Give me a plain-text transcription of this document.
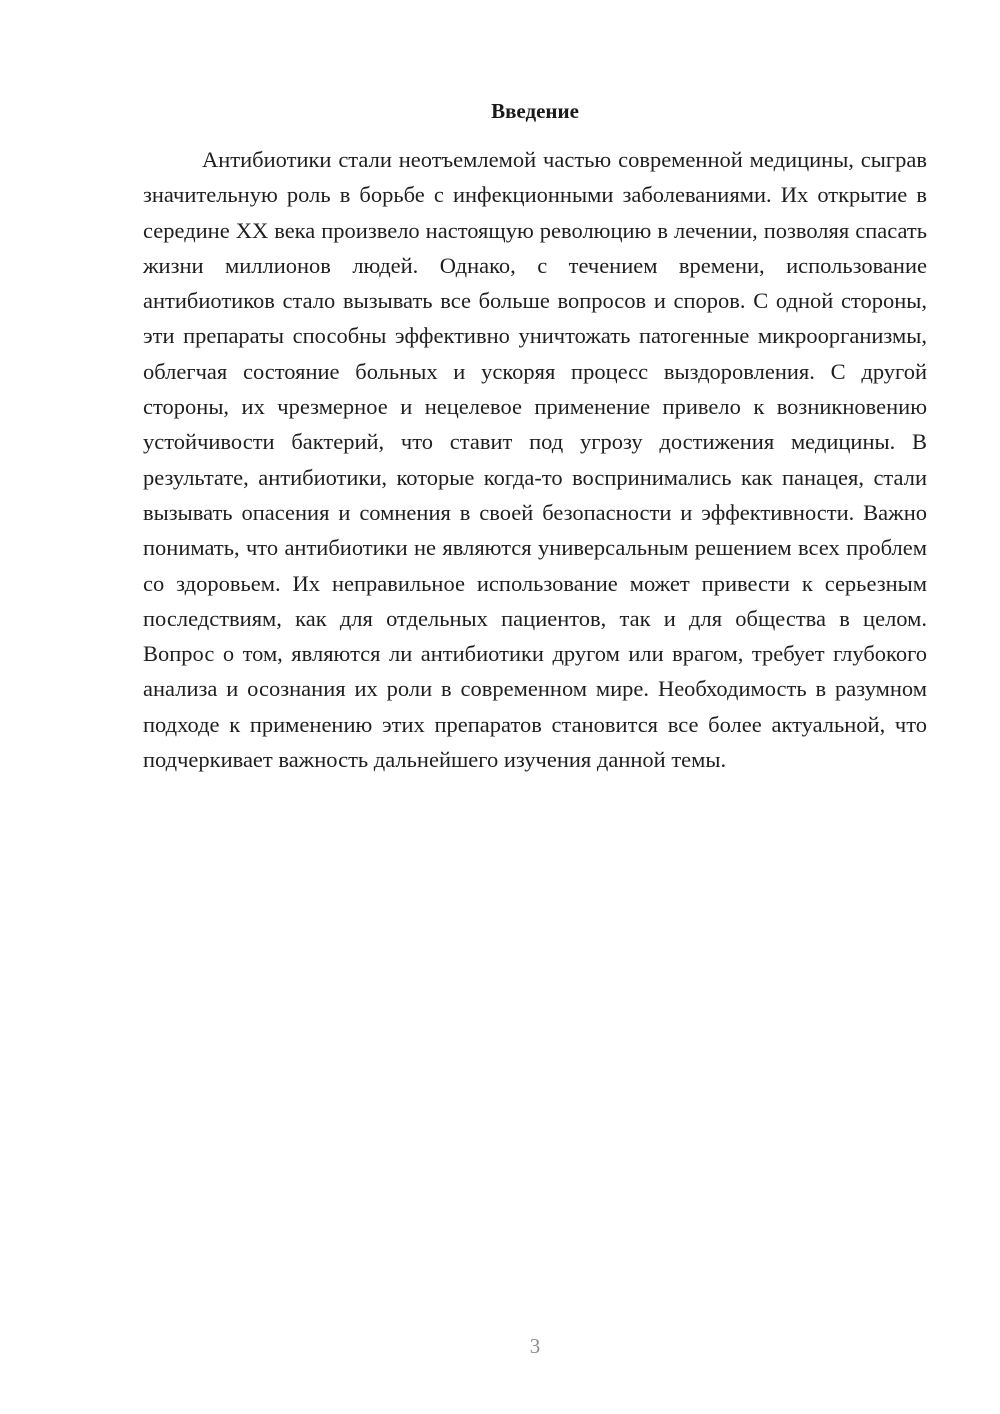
Введение

Антибиотики стали неотъемлемой частью современной медицины, сыграв значительную роль в борьбе с инфекционными заболеваниями. Их открытие в середине XX века произвело настоящую революцию в лечении, позволяя спасать жизни миллионов людей. Однако, с течением времени, использование антибиотиков стало вызывать все больше вопросов и споров. С одной стороны, эти препараты способны эффективно уничтожать патогенные микроорганизмы, облегчая состояние больных и ускоряя процесс выздоровления. С другой стороны, их чрезмерное и нецелевое применение привело к возникновению устойчивости бактерий, что ставит под угрозу достижения медицины. В результате, антибиотики, которые когда-то воспринимались как панацея, стали вызывать опасения и сомнения в своей безопасности и эффективности. Важно понимать, что антибиотики не являются универсальным решением всех проблем со здоровьем. Их неправильное использование может привести к серьезным последствиям, как для отдельных пациентов, так и для общества в целом. Вопрос о том, являются ли антибиотики другом или врагом, требует глубокого анализа и осознания их роли в современном мире. Необходимость в разумном подходе к применению этих препаратов становится все более актуальной, что подчеркивает важность дальнейшего изучения данной темы.

3
